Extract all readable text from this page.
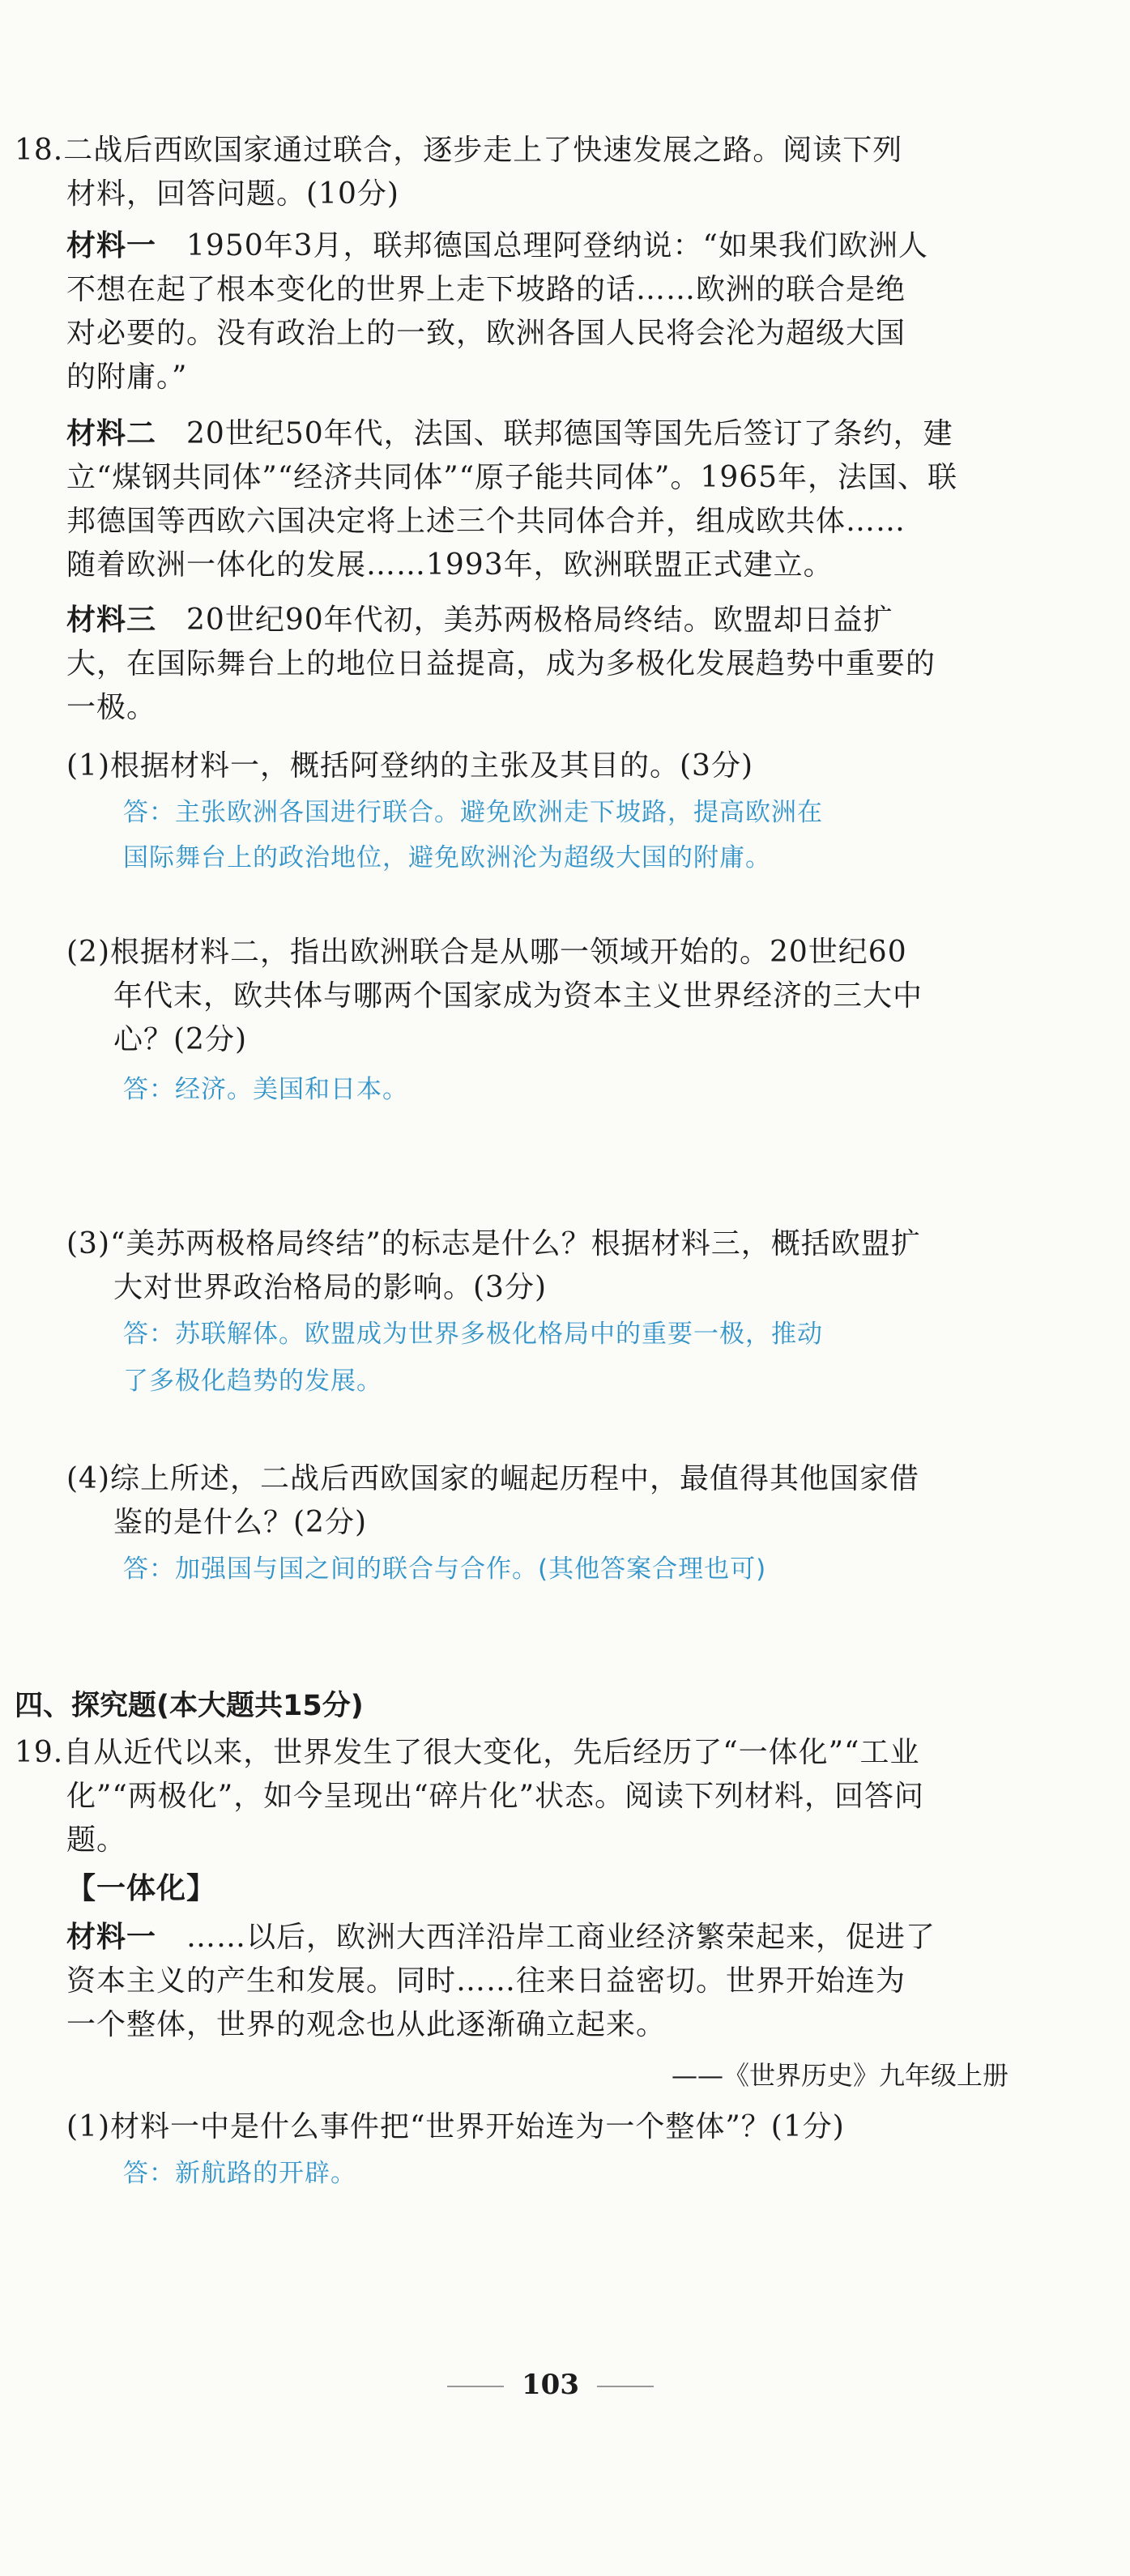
18.二战后西欧国家通过联合，逐步走上了快速发展之路。阅读下列
材料，回答问题。(10分)
材料一　1950年3月，联邦德国总理阿登纳说：“如果我们欧洲人
不想在起了根本变化的世界上走下坡路的话……欧洲的联合是绝
对必要的。没有政治上的一致，欧洲各国人民将会沦为超级大国
的附庸。”
材料二　20世纪50年代，法国、联邦德国等国先后签订了条约，建
立“煤钢共同体”“经济共同体”“原子能共同体”。1965年，法国、联
邦德国等西欧六国决定将上述三个共同体合并，组成欧共体……
随着欧洲一体化的发展……1993年，欧洲联盟正式建立。
材料三　20世纪90年代初，美苏两极格局终结。欧盟却日益扩
大，在国际舞台上的地位日益提高，成为多极化发展趋势中重要的
一极。
(1)根据材料一，概括阿登纳的主张及其目的。(3分)
答：主张欧洲各国进行联合。避免欧洲走下坡路，提高欧洲在
国际舞台上的政治地位，避免欧洲沦为超级大国的附庸。
(2)根据材料二，指出欧洲联合是从哪一领域开始的。20世纪60
年代末，欧共体与哪两个国家成为资本主义世界经济的三大中
心？(2分)
答：经济。美国和日本。
(3)“美苏两极格局终结”的标志是什么？根据材料三，概括欧盟扩
大对世界政治格局的影响。(3分)
答：苏联解体。欧盟成为世界多极化格局中的重要一极，推动
了多极化趋势的发展。
(4)综上所述，二战后西欧国家的崛起历程中，最值得其他国家借
鉴的是什么？(2分)
答：加强国与国之间的联合与合作。(其他答案合理也可)
四、探究题(本大题共15分)
19.自从近代以来，世界发生了很大变化，先后经历了“一体化”“工业
化”“两极化”，如今呈现出“碎片化”状态。阅读下列材料，回答问
题。
【一体化】
材料一　……以后，欧洲大西洋沿岸工商业经济繁荣起来，促进了
资本主义的产生和发展。同时……往来日益密切。世界开始连为
一个整体，世界的观念也从此逐渐确立起来。
——《世界历史》九年级上册
(1)材料一中是什么事件把“世界开始连为一个整体”？(1分)
答：新航路的开辟。
103
